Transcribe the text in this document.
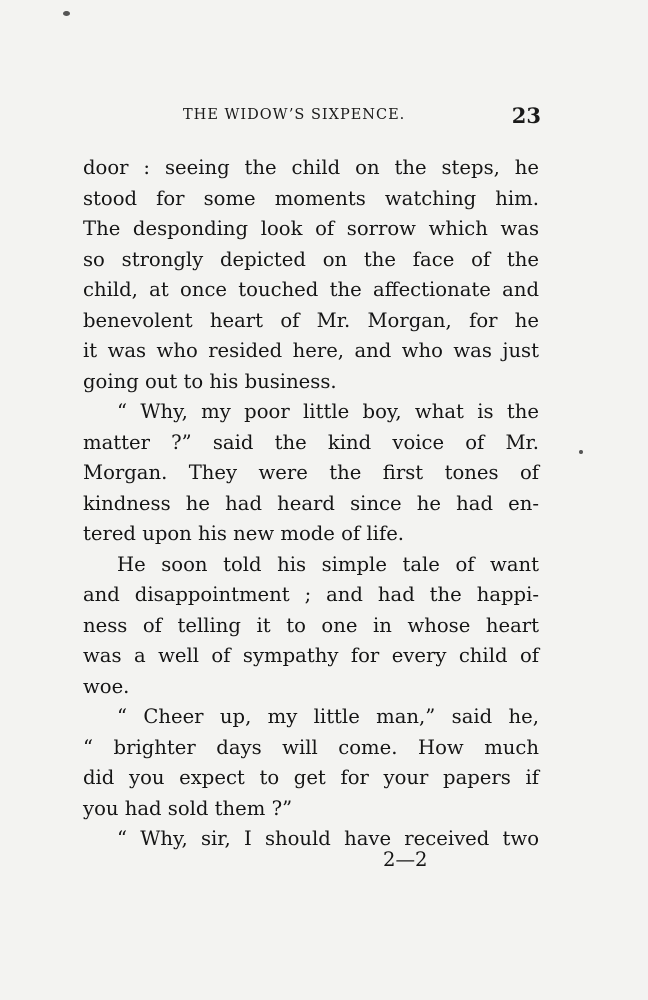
THE WIDOW’S SIXPENCE.	23
door : seeing the child on the steps, he
stood for some moments watching him.
The desponding look of sorrow which was
so strongly depicted on the face of the
child, at once touched the affectionate and
benevolent heart of Mr. Morgan, for he
it was who resided here, and who was just
going out to his business.
“ Why, my poor little boy, what is the
matter ?” said the kind voice of Mr.
Morgan. They were the first tones of
kindness he had heard since he had en-
tered upon his new mode of life.
He soon told his simple tale of want
and disappointment ; and had the happi-
ness of telling it to one in whose heart
was a well of sympathy for every child of
woe.
“ Cheer up, my little man,” said he,
“ brighter days will come. How much
did you expect to get for your papers if
you had sold them ?”
“ Why, sir, I should have received two
2—2
